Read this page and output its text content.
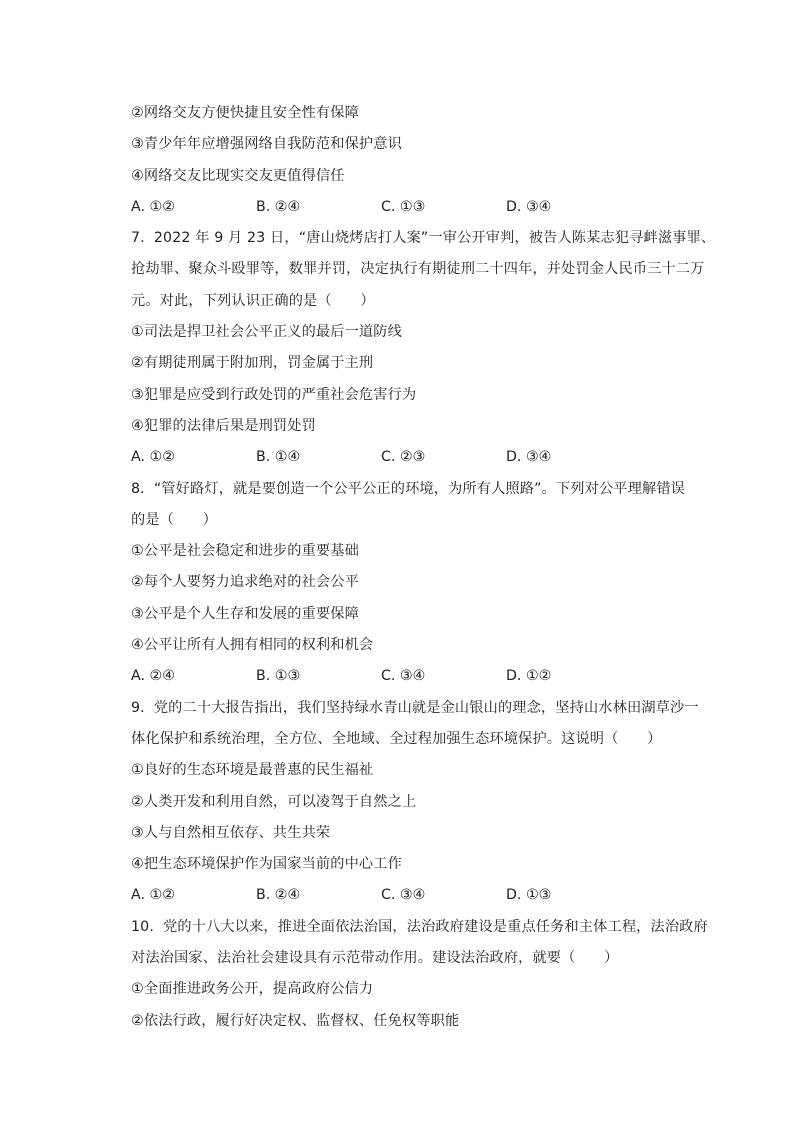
②网络交友方便快捷且安全性有保障
③青少年年应增强网络自我防范和保护意识
④网络交友比现实交友更值得信任
A. ①②	B. ②④	C. ①③	D. ③④
7. 2022 年 9 月 23 日，“唐山烧烤店打人案”一审公开审判，被告人陈某志犯寻衅滋事罪、
抢劫罪、聚众斗殴罪等，数罪并罚，决定执行有期徒刑二十四年，并处罚金人民币三十二万
元。对此，下列认识正确的是（　　）
①司法是捍卫社会公平正义的最后一道防线
②有期徒刑属于附加刑，罚金属于主刑
③犯罪是应受到行政处罚的严重社会危害行为
④犯罪的法律后果是刑罚处罚
A. ①②	B. ①④	C. ②③	D. ③④
8. “管好路灯，就是要创造一个公平公正的环境，为所有人照路”。下列对公平理解错误
的是（　　）
①公平是社会稳定和进步的重要基础
②每个人要努力追求绝对的社会公平
③公平是个人生存和发展的重要保障
④公平让所有人拥有相同的权利和机会
A. ②④	B. ①③	C. ③④	D. ①②
9. 党的二十大报告指出，我们坚持绿水青山就是金山银山的理念，坚持山水林田湖草沙一
体化保护和系统治理，全方位、全地域、全过程加强生态环境保护。这说明（　　）
①良好的生态环境是最普惠的民生福祉
②人类开发和利用自然，可以凌驾于自然之上
③人与自然相互依存、共生共荣
④把生态环境保护作为国家当前的中心工作
A. ①②	B. ②④	C. ③④	D. ①③
10. 党的十八大以来，推进全面依法治国，法治政府建设是重点任务和主体工程，法治政府
对法治国家、法治社会建设具有示范带动作用。建设法治政府，就要（　　）
①全面推进政务公开，提高政府公信力
②依法行政，履行好决定权、监督权、任免权等职能
